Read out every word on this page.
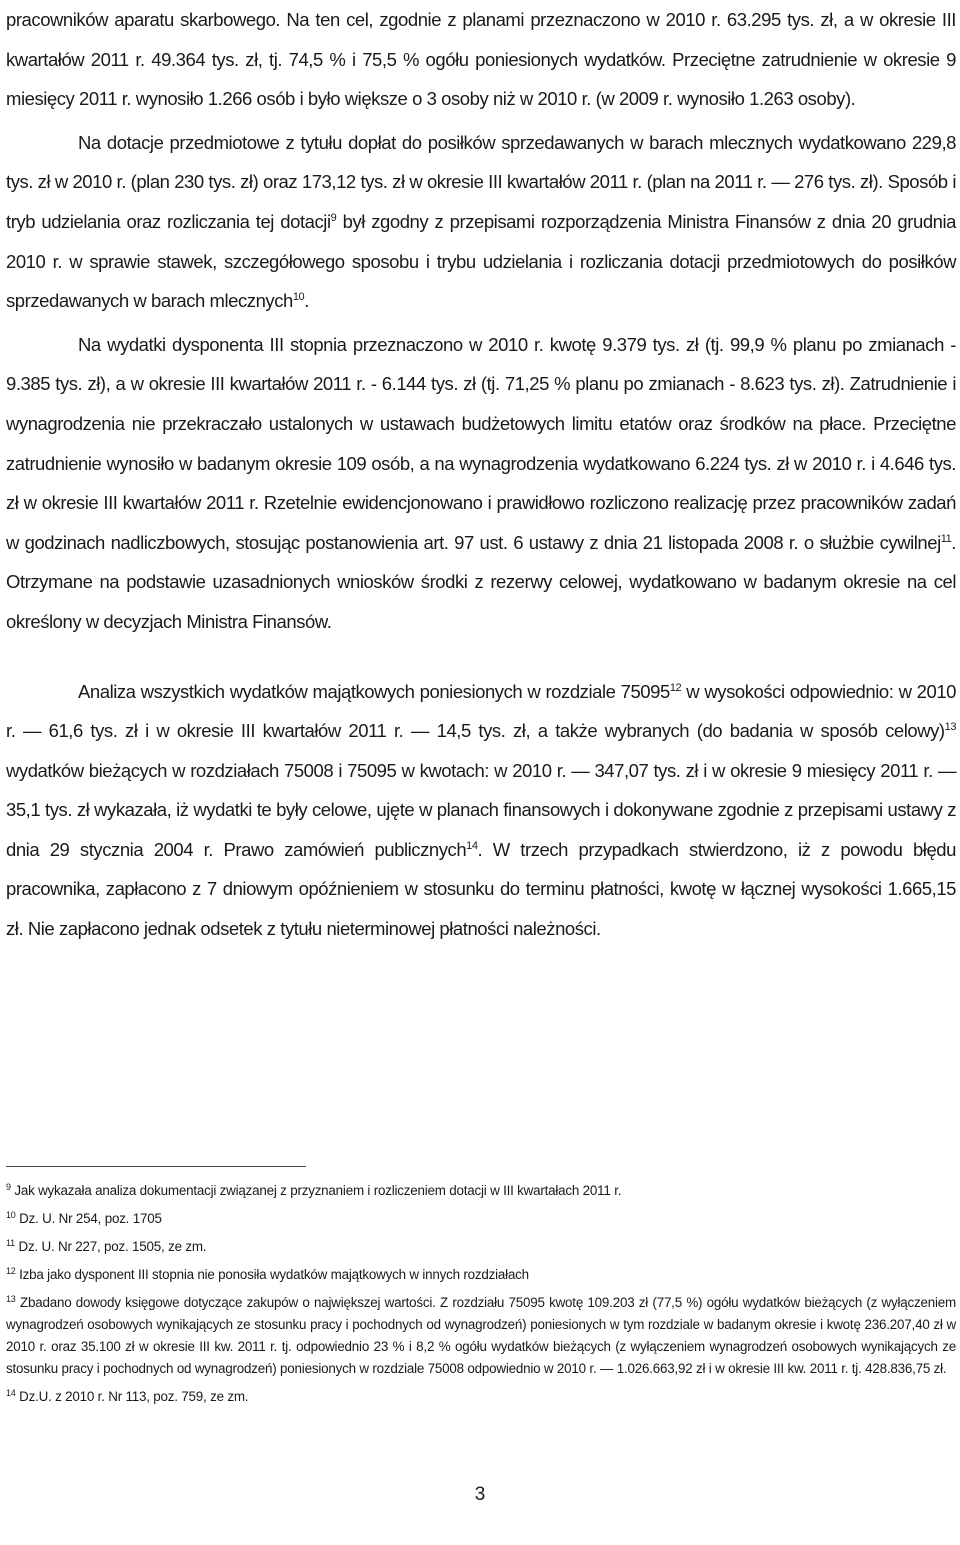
pracowników aparatu skarbowego. Na ten cel, zgodnie z planami przeznaczono w 2010 r. 63.295 tys. zł, a w okresie III kwartałów 2011 r. 49.364 tys. zł, tj. 74,5 % i 75,5 % ogółu poniesionych wydatków. Przeciętne zatrudnienie w okresie 9 miesięcy 2011 r. wynosiło 1.266 osób i było większe o 3 osoby niż w 2010 r. (w 2009 r. wynosiło 1.263 osoby).

Na dotacje przedmiotowe z tytułu dopłat do posiłków sprzedawanych w barach mlecznych wydatkowano 229,8 tys. zł w 2010 r. (plan 230 tys. zł) oraz 173,12 tys. zł w okresie III kwartałów 2011 r. (plan na 2011 r. — 276 tys. zł). Sposób i tryb udzielania oraz rozliczania tej dotacji$^9$ był zgodny z przepisami rozporządzenia Ministra Finansów z dnia 20 grudnia 2010 r. w sprawie stawek, szczegółowego sposobu i trybu udzielania i rozliczania dotacji przedmiotowych do posiłków sprzedawanych w barach mlecznych$^{10}$.

Na wydatki dysponenta III stopnia przeznaczono w 2010 r. kwotę 9.379 tys. zł (tj. 99,9 % planu po zmianach - 9.385 tys. zł), a w okresie III kwartałów 2011 r. - 6.144 tys. zł (tj. 71,25 % planu po zmianach - 8.623 tys. zł). Zatrudnienie i wynagrodzenia nie przekraczało ustalonych w ustawach budżetowych limitu etatów oraz środków na płace. Przeciętne zatrudnienie wynosiło w badanym okresie 109 osób, a na wynagrodzenia wydatkowano 6.224 tys. zł w 2010 r. i 4.646 tys. zł w okresie III kwartałów 2011 r. Rzetelnie ewidencjonowano i prawidłowo rozliczono realizację przez pracowników zadań w godzinach nadliczbowych, stosując postanowienia art. 97 ust. 6 ustawy z dnia 21 listopada 2008 r. o służbie cywilnej$^{11}$. Otrzymane na podstawie uzasadnionych wniosków środki z rezerwy celowej, wydatkowano w badanym okresie na cel określony w decyzjach Ministra Finansów.

Analiza wszystkich wydatków majątkowych poniesionych w rozdziale 75095$^{12}$ w wysokości odpowiednio: w 2010 r. — 61,6 tys. zł i w okresie III kwartałów 2011 r. — 14,5 tys. zł, a także wybranych (do badania w sposób celowy)$^{13}$ wydatków bieżących w rozdziałach 75008 i 75095 w kwotach: w 2010 r. — 347,07 tys. zł i w okresie 9 miesięcy 2011 r. — 35,1 tys. zł wykazała, iż wydatki te były celowe, ujęte w planach finansowych i dokonywane zgodnie z przepisami ustawy z dnia 29 stycznia 2004 r. Prawo zamówień publicznych$^{14}$. W trzech przypadkach stwierdzono, iż z powodu błędu pracownika, zapłacono z 7 dniowym opóźnieniem w stosunku do terminu płatności, kwotę w łącznej wysokości 1.665,15 zł. Nie zapłacono jednak odsetek z tytułu nieterminowej płatności należności.

$^9$ Jak wykazała analiza dokumentacji związanej z przyznaniem i rozliczeniem dotacji w III kwartałach 2011 r.
$^{10}$ Dz. U. Nr 254, poz. 1705
$^{11}$ Dz. U. Nr 227, poz. 1505, ze zm.
$^{12}$ Izba jako dysponent III stopnia nie ponosiła wydatków majątkowych w innych rozdziałach
$^{13}$ Zbadano dowody księgowe dotyczące zakupów o największej wartości. Z rozdziału 75095 kwotę 109.203 zł (77,5 %) ogółu wydatków bieżących (z wyłączeniem wynagrodzeń osobowych wynikających ze stosunku pracy i pochodnych od wynagrodzeń) poniesionych w tym rozdziale w badanym okresie i kwotę 236.207,40 zł w 2010 r. oraz 35.100 zł w okresie III kw. 2011 r. tj. odpowiednio 23 % i 8,2 % ogółu wydatków bieżących (z wyłączeniem wynagrodzeń osobowych wynikających ze stosunku pracy i pochodnych od wynagrodzeń) poniesionych w rozdziale 75008 odpowiednio w 2010 r. — 1.026.663,92 zł i w okresie III kw. 2011 r. tj. 428.836,75 zł.
$^{14}$ Dz.U. z 2010 r. Nr 113, poz. 759, ze zm.
3
